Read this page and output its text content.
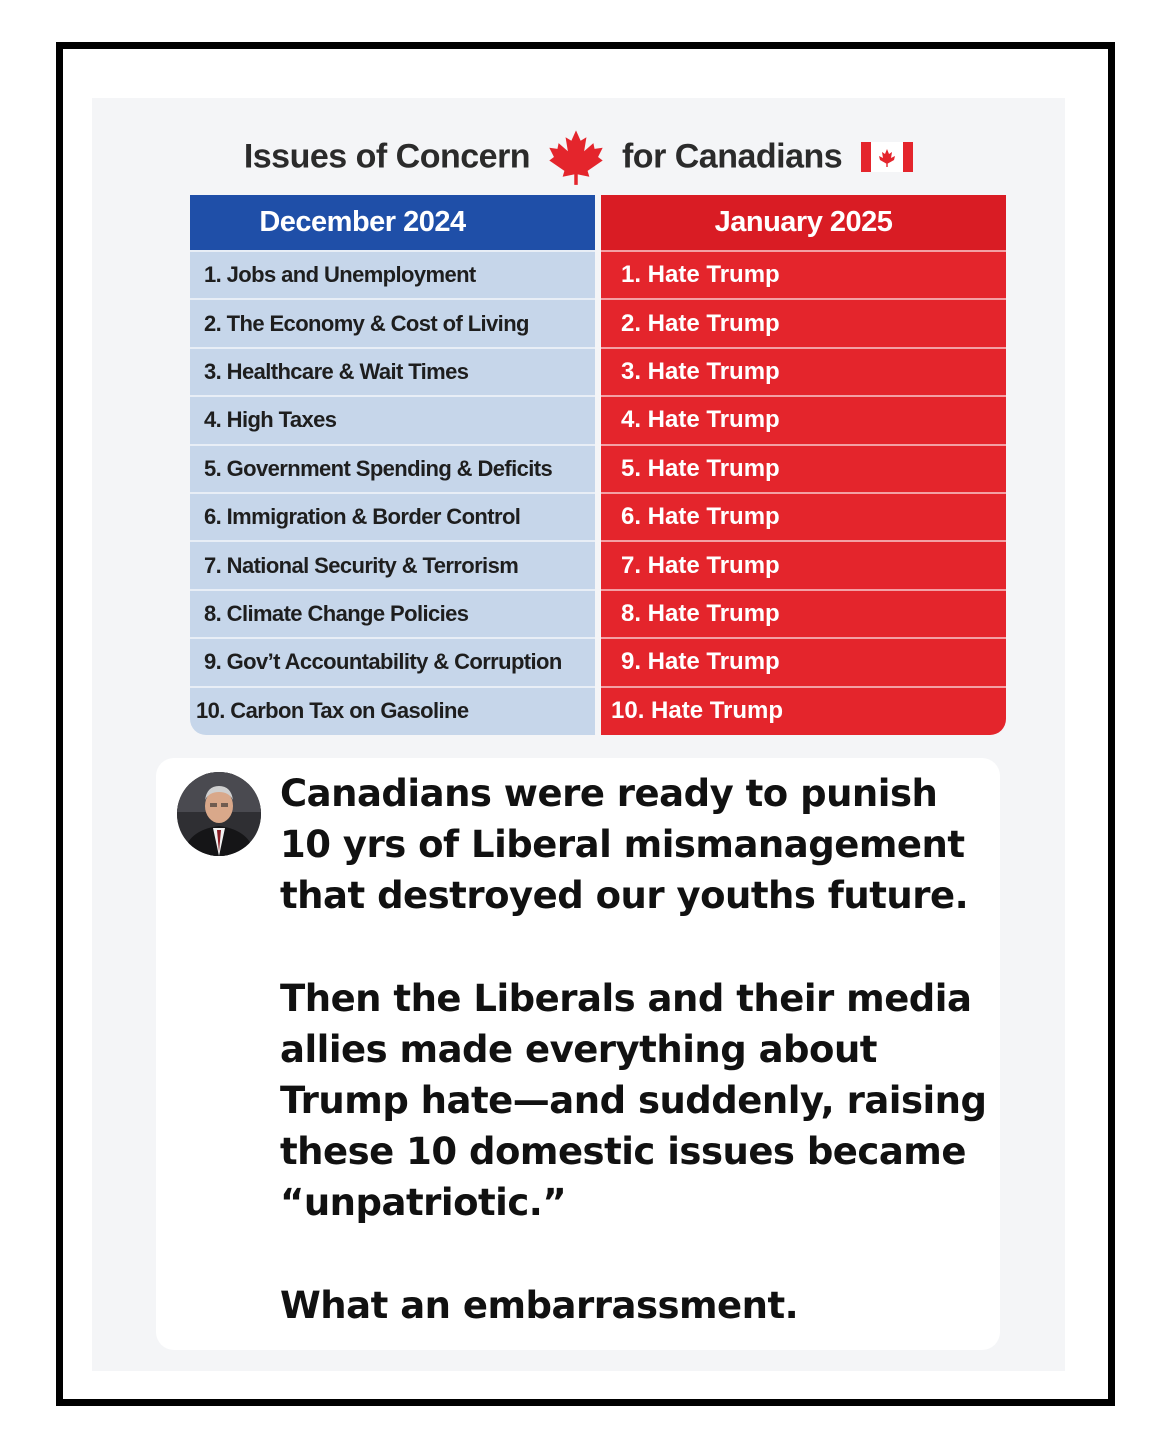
Issues of Concern	for Canadians
December 2024
1. Jobs and Unemployment
2. The Economy & Cost of Living
3. Healthcare & Wait Times
4. High Taxes
5. Government Spending & Deficits
6. Immigration & Border Control
7. National Security & Terrorism
8. Climate Change Policies
9. Gov’t Accountability & Corruption
10. Carbon Tax on Gasoline
January 2025
1. Hate Trump
2. Hate Trump
3. Hate Trump
4. Hate Trump
5. Hate Trump
6. Hate Trump
7. Hate Trump
8. Hate Trump
9. Hate Trump
10. Hate Trump

Canadians were ready to punish 10 yrs of Liberal mismanagement that destroyed our youths future.

Then the Liberals and their media allies made everything about Trump hate—and suddenly, raising these 10 domestic issues became “unpatriotic.”

What an embarrassment.
